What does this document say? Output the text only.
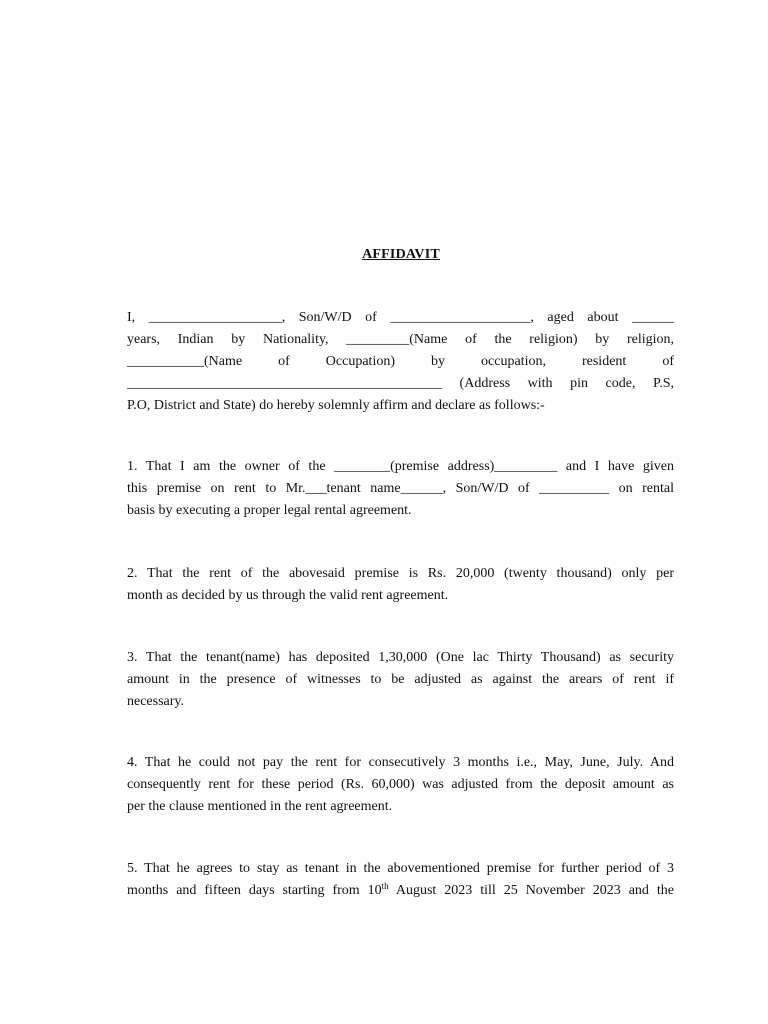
AFFIDAVIT

I, ___________________, Son/W/D of ____________________, aged about ______
years, Indian by Nationality, _________(Name of the religion) by religion,
___________(Name of Occupation) by occupation, resident of
_____________________________________________ (Address with pin code, P.S,
P.O, District and State) do hereby solemnly affirm and declare as follows:-

1. That I am the owner of the ________(premise address)_________ and I have given
this premise on rent to Mr.___tenant name______, Son/W/D of __________ on rental
basis by executing a proper legal rental agreement.

2. That the rent of the abovesaid premise is Rs. 20,000 (twenty thousand) only per
month as decided by us through the valid rent agreement.

3. That the tenant(name) has deposited 1,30,000 (One lac Thirty Thousand) as security
amount in the presence of witnesses to be adjusted as against the arears of rent if
necessary.

4. That he could not pay the rent for consecutively 3 months i.e., May, June, July. And
consequently rent for these period (Rs. 60,000) was adjusted from the deposit amount as
per the clause mentioned in the rent agreement.

5. That he agrees to stay as tenant in the abovementioned premise for further period of 3
months and fifteen days starting from 10th August 2023 till 25 November 2023 and the
